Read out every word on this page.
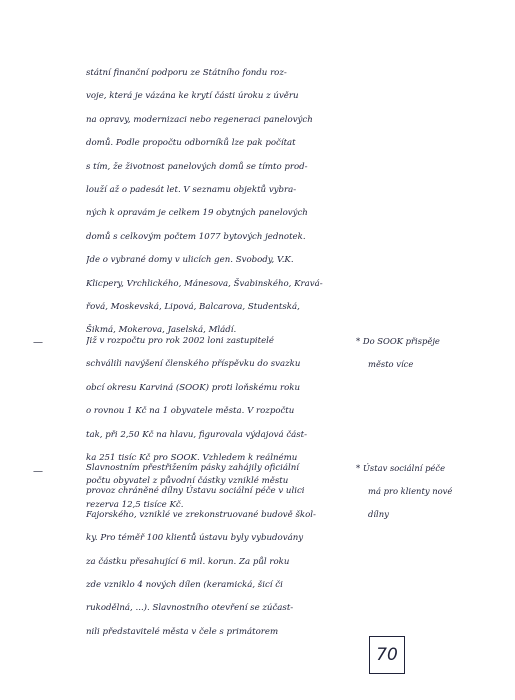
státní finanční podporu ze Státního fondu roz-
voje, která je vázána ke krytí části úroku z úvěru
na opravy, modernizaci nebo regeneraci panelových
domů. Podle propočtu odborníků lze pak počítat
s tím, že životnost panelových domů se tímto prod-
louží až o padesát let. V seznamu objektů vybra-
ných k opravám je celkem 19 obytných panelových
domů s celkovým počtem 1077 bytových jednotek.
Jde o vybrané domy v ulicích gen. Svobody, V.K.
Klicpery, Vrchlického, Mánesova, Švabinského, Kravá-
řová, Moskevská, Lipová, Balcarova, Studentská,
Šikmá, Mokerova, Jaselská, Mládí.
—	Již v rozpočtu pro rok 2002 loni zastupitelé
schválili navýšení členského příspěvku do svazku
obcí okresu Karviná (SOOK) proti loňskému roku
o rovnou 1 Kč na 1 obyvatele města. V rozpočtu
tak, při 2,50 Kč na hlavu, figurovala výdajová část-
ka 251 tisíc Kč pro SOOK. Vzhledem k reálnému
počtu obyvatel z původní částky vzniklé městu
rezerva 12,5 tisíce Kč.
* Do SOOK přispěje
město více
—	Slavnostním přestřižením pásky zahájily oficiální
provoz chráněné dílny Ústavu sociální péče v ulici
Fajorského, vzniklé ve zrekonstruované budově škol-
ky. Pro téměř 100 klientů ústavu byly vybudovány
za částku přesahující 6 mil. korun. Za půl roku
zde vzniklo 4 nových dílen (keramická, šicí či
rukodělná, ...). Slavnostního otevření se zúčast-
nili představitelé města v čele s primátorem
* Ústav sociální péče
má pro klienty nové
dílny
70
